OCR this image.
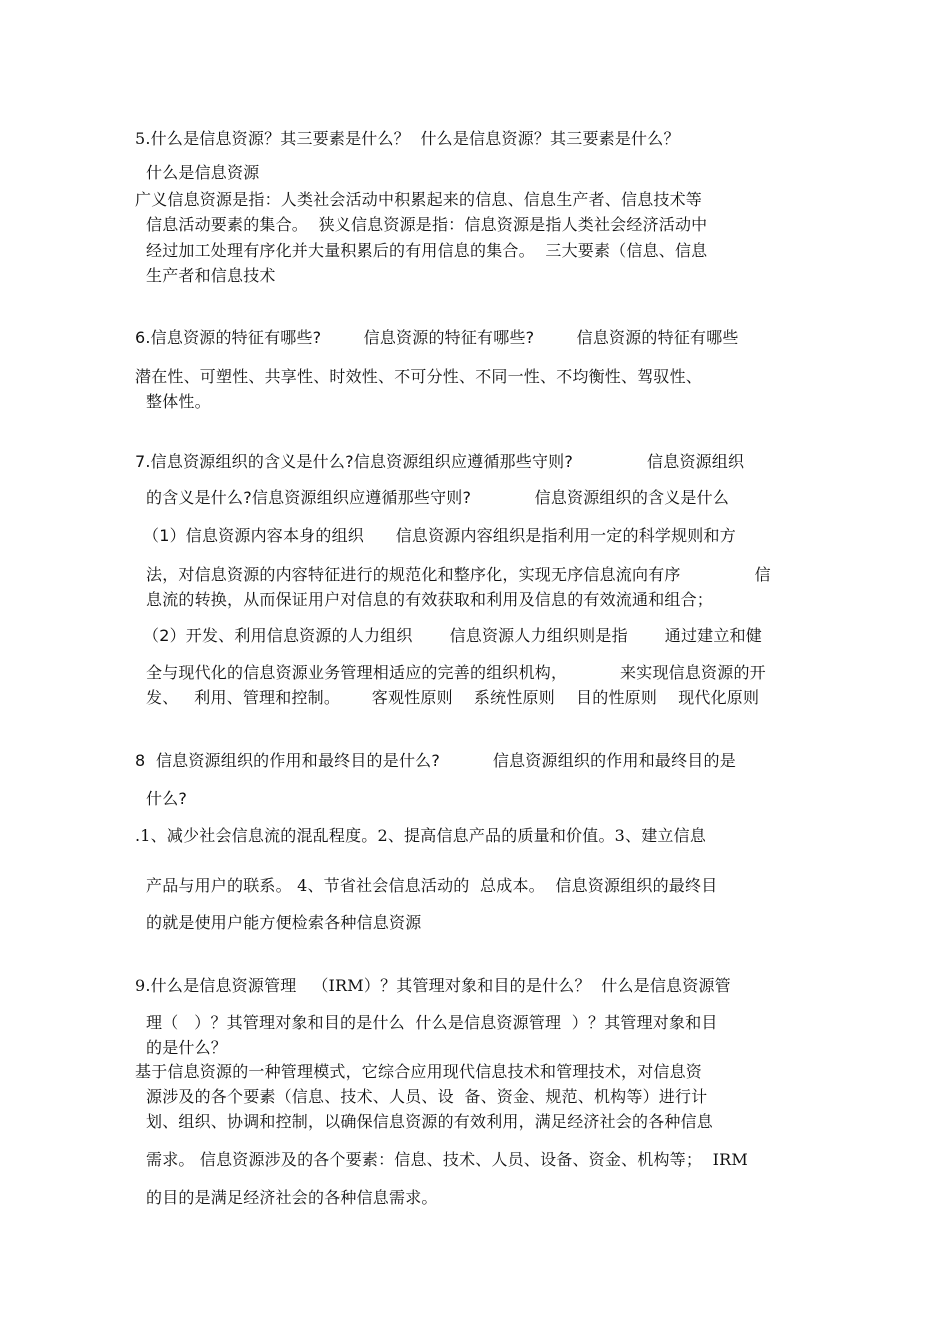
5.什么是信息资源？其三要素是什么？  什么是信息资源？其三要素是什么？
什么是信息资源
广义信息资源是指：人类社会活动中积累起来的信息、信息生产者、信息技术等
信息活动要素的集合。  狭义信息资源是指：信息资源是指人类社会经济活动中
经过加工处理有序化并大量积累后的有用信息的集合。  三大要素（信息、信息
生产者和信息技术
6.信息资源的特征有哪些?        信息资源的特征有哪些?        信息资源的特征有哪些
潜在性、可塑性、共享性、时效性、不可分性、不同一性、不均衡性、驾驭性、
整体性。
7.信息资源组织的含义是什么?信息资源组织应遵循那些守则?              信息资源组织
的含义是什么?信息资源组织应遵循那些守则?            信息资源组织的含义是什么
（1）信息资源内容本身的组织      信息资源内容组织是指利用一定的科学规则和方
法，对信息资源的内容特征进行的规范化和整序化，实现无序信息流向有序              信
息流的转换，从而保证用户对信息的有效获取和利用及信息的有效流通和组合；
（2）开发、利用信息资源的人力组织       信息资源人力组织则是指       通过建立和健
全与现代化的信息资源业务管理相适应的完善的组织机构，          来实现信息资源的开
发、   利用、管理和控制。      客观性原则    系统性原则    目的性原则    现代化原则
8  信息资源组织的作用和最终目的是什么?          信息资源组织的作用和最终目的是
什么?
.1、减少社会信息流的混乱程度。2、提高信息产品的质量和价值。3、建立信息
产品与用户的联系。 4、节省社会信息活动的  总成本。  信息资源组织的最终目
的就是使用户能方便检索各种信息资源
9.什么是信息资源管理   （IRM）？其管理对象和目的是什么？  什么是信息资源管
理（   ）？其管理对象和目的是什么  什么是信息资源管理  ）？其管理对象和目
的是什么？
基于信息资源的一种管理模式，它综合应用现代信息技术和管理技术，对信息资
源涉及的各个要素（信息、技术、人员、设  备、资金、规范、机构等）进行计
划、组织、协调和控制，以确保信息资源的有效利用，满足经济社会的各种信息
需求。 信息资源涉及的各个要素：信息、技术、人员、设备、资金、机构等；  IRM
的目的是满足经济社会的各种信息需求。
